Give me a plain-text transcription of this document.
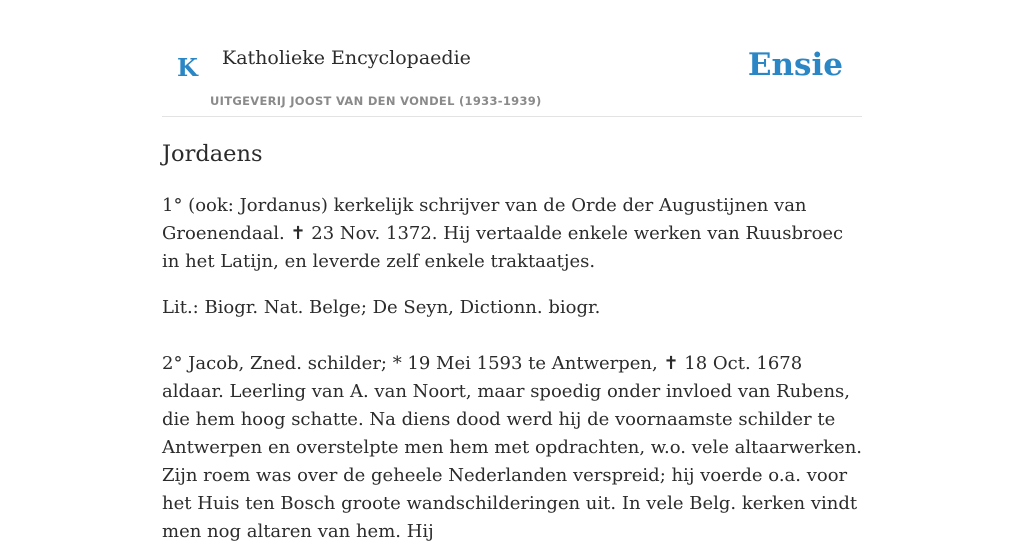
K Katholieke Encyclopaedie
UITGEVERIJ JOOST VAN DEN VONDEL (1933-1939)
Ensie
Jordaens

1° (ook: Jordanus) kerkelijk schrijver van de Orde der Augustijnen van Groenendaal. ✝ 23 Nov. 1372. Hij vertaalde enkele werken van Ruusbroec in het Latijn, en leverde zelf enkele traktaatjes.

Lit.: Biogr. Nat. Belge; De Seyn, Dictionn. biogr.

2° Jacob, Zned. schilder; * 19 Mei 1593 te Antwerpen, ✝ 18 Oct. 1678 aldaar. Leerling van A. van Noort, maar spoedig onder invloed van Rubens, die hem hoog schatte. Na diens dood werd hij de voornaamste schilder te Antwerpen en overstelpte men hem met opdrachten, w.o. vele altaarwerken. Zijn roem was over de geheele Nederlanden verspreid; hij voerde o.a. voor het Huis ten Bosch groote wandschilderingen uit. In vele Belg. kerken vindt men nog altaren van hem. Hij
